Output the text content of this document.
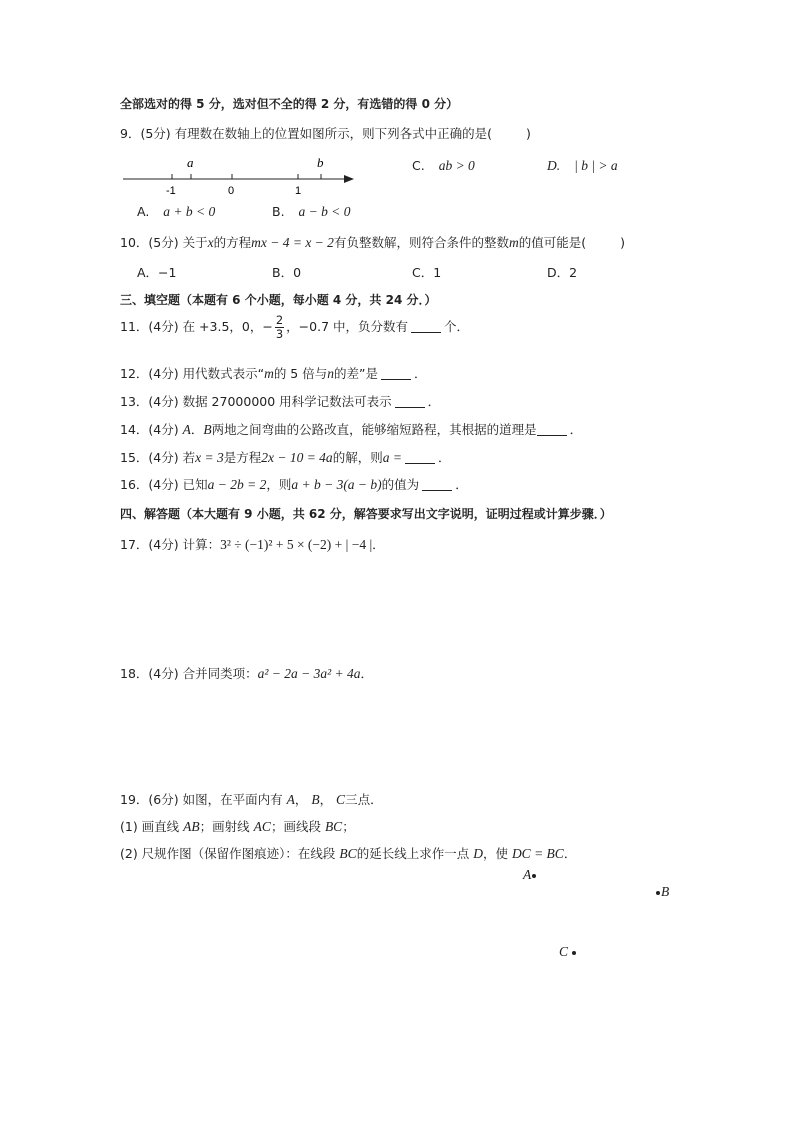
全部选对的得 5 分，选对但不全的得 2 分，有选错的得 0 分）
9．(5分) 有理数在数轴上的位置如图所示，则下列各式中正确的是(	)
a	b
-1	0	1
C. ab > 0	D. | b | > a
A. a + b < 0	B. a − b < 0
10．(5分) 关于x的方程mx − 4 = x − 2有负整数解，则符合条件的整数m的值可能是(	)
A．−1	B．0	C．1	D．2
三、填空题（本题有 6 个小题，每小题 4 分，共 24 分．）
11．(4分) 在 +3.5，0，− $\frac{2}{3}$ ，−0.7 中，负分数有	个．
12．(4分) 用代数式表示“m的 5 倍与n的差”是	．
13．(4分) 数据 27000000 用科学记数法可表示	．
14．(4分) A．B两地之间弯曲的公路改直，能够缩短路程，其根据的道理是	．
15．(4分) 若x = 3是方程2x − 10 = 4a的解，则a =	．
16．(4分) 已知a − 2b = 2，则a + b − 3(a − b)的值为	．
四、解答题（本大题有 9 小题，共 62 分，解答要求写出文字说明，证明过程或计算步骤．）
17．(4分) 计算：3² ÷ (−1)² + 5 × (−2) + | −4 |．
18．(4分) 合并同类项：a² − 2a − 3a² + 4a．
19．(6分) 如图，在平面内有 A， B， C三点．
(1) 画直线 AB；画射线 AC；画线段 BC；
(2) 尺规作图（保留作图痕迹）：在线段 BC的延长线上求作一点 D，使 DC = BC．
A
B
C
